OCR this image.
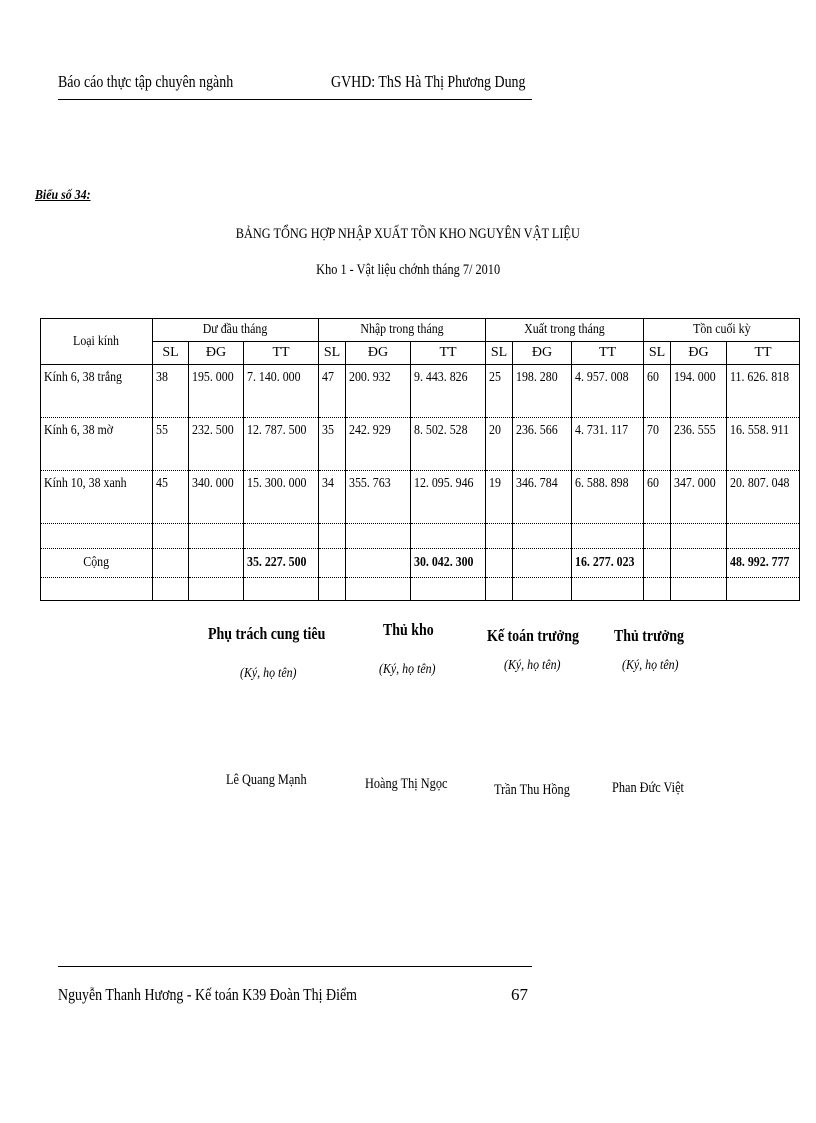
Báo cáo thực tập chuyên ngành	GVHD: ThS Hà Thị Phương Dung
Biểu số 34:
BẢNG TỔNG HỢP NHẬP XUẤT TỒN KHO NGUYÊN VẬT LIỆU
Kho 1 - Vật liệu chớnh tháng 7/ 2010
Loại kính	Dư đầu tháng			Nhập trong tháng			Xuất trong tháng			Tồn cuối kỳ		
	SL	ĐG	TT	SL	ĐG	TT	SL	ĐG	TT	SL	ĐG	TT
Kính 6, 38 trắng	38	195. 000	7. 140. 000	47	200. 932	9. 443. 826	25	198. 280	4. 957. 008	60	194. 000	11. 626. 818

Kính 6, 38 mờ	55	232. 500	12. 787. 500	35	242. 929	8. 502. 528	20	236. 566	4. 731. 117	70	236. 555	16. 558. 911

Kính 10, 38 xanh	45	340. 000	15. 300. 000	34	355. 763	12. 095. 946	19	346. 784	6. 588. 898	60	347. 000	20. 807. 048

Cộng			35. 227. 500			30. 042. 300			16. 277. 023			48. 992. 777

Phụ trách cung tiêu	Thủ kho	Kế toán trưởng Thủ trưởng
(Ký, họ tên)	(Ký, họ tên)	(Ký, họ tên)	(Ký, họ tên)
Lê Quang Mạnh	Hoàng Thị Ngọc	Trần Thu Hồng	Phan Đức Việt
Nguyễn Thanh Hương - Kế toán K39 Đoàn Thị Điểm	67
